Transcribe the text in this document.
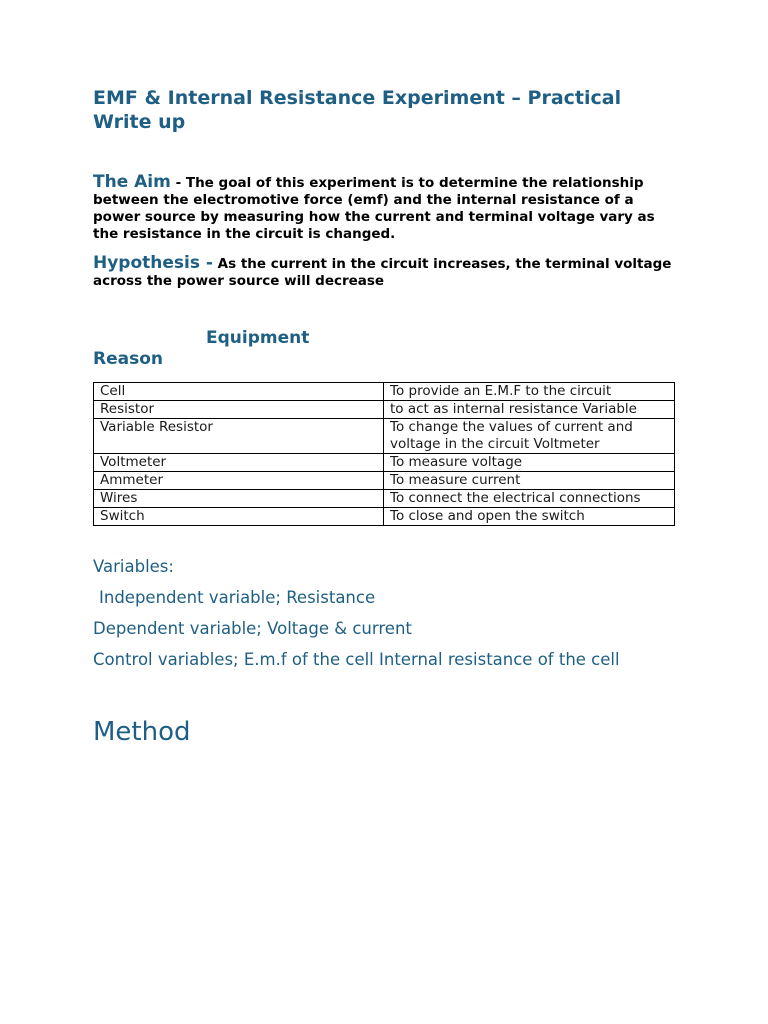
EMF & Internal Resistance Experiment – Practical Write up

The Aim - The goal of this experiment is to determine the relationship between the electromotive force (emf) and the internal resistance of a power source by measuring how the current and terminal voltage vary as the resistance in the circuit is changed.

Hypothesis - As the current in the circuit increases, the terminal voltage across the power source will decrease

Equipment
Reason
Cell	To provide an E.M.F to the circuit
Resistor	to act as internal resistance Variable
Variable Resistor	To change the values of current and voltage in the circuit Voltmeter
Voltmeter	To measure voltage
Ammeter	To measure current
Wires	To connect the electrical connections
Switch	To close and open the switch

Variables:

Independent variable; Resistance

Dependent variable; Voltage & current

Control variables; E.m.f of the cell Internal resistance of the cell

Method
